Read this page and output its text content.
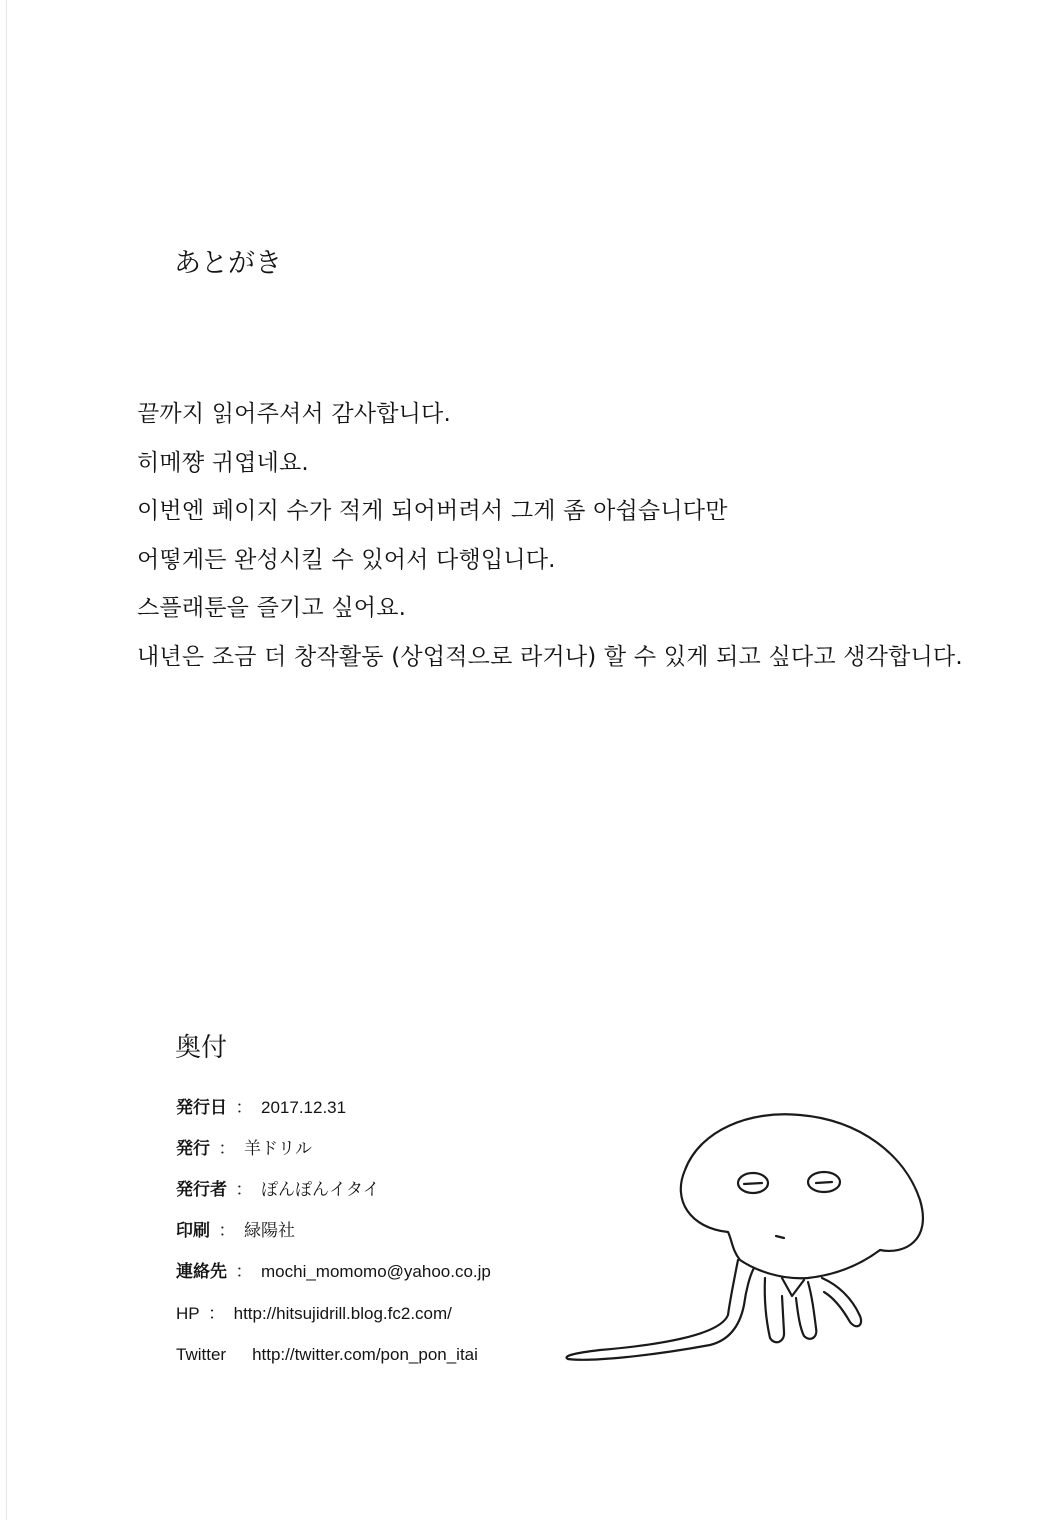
あとがき
끝까지 읽어주셔서 감사합니다.
히메쨩 귀엽네요.
이번엔 페이지 수가 적게 되어버려서 그게 좀 아쉽습니다만
어떻게든 완성시킬 수 있어서 다행입니다.
스플래툰을 즐기고 싶어요.
내년은 조금 더 창작활동 (상업적으로 라거나) 할 수 있게 되고 싶다고 생각합니다.
奥付
発行日 ： 2017.12.31
発行 ： 羊ドリル
発行者 ： ぽんぽんイタイ
印刷 ： 緑陽社
連絡先 ： mochi_momomo@yahoo.co.jp
HP ： http://hitsujidrill.blog.fc2.com/
Twitter http://twitter.com/pon_pon_itai
